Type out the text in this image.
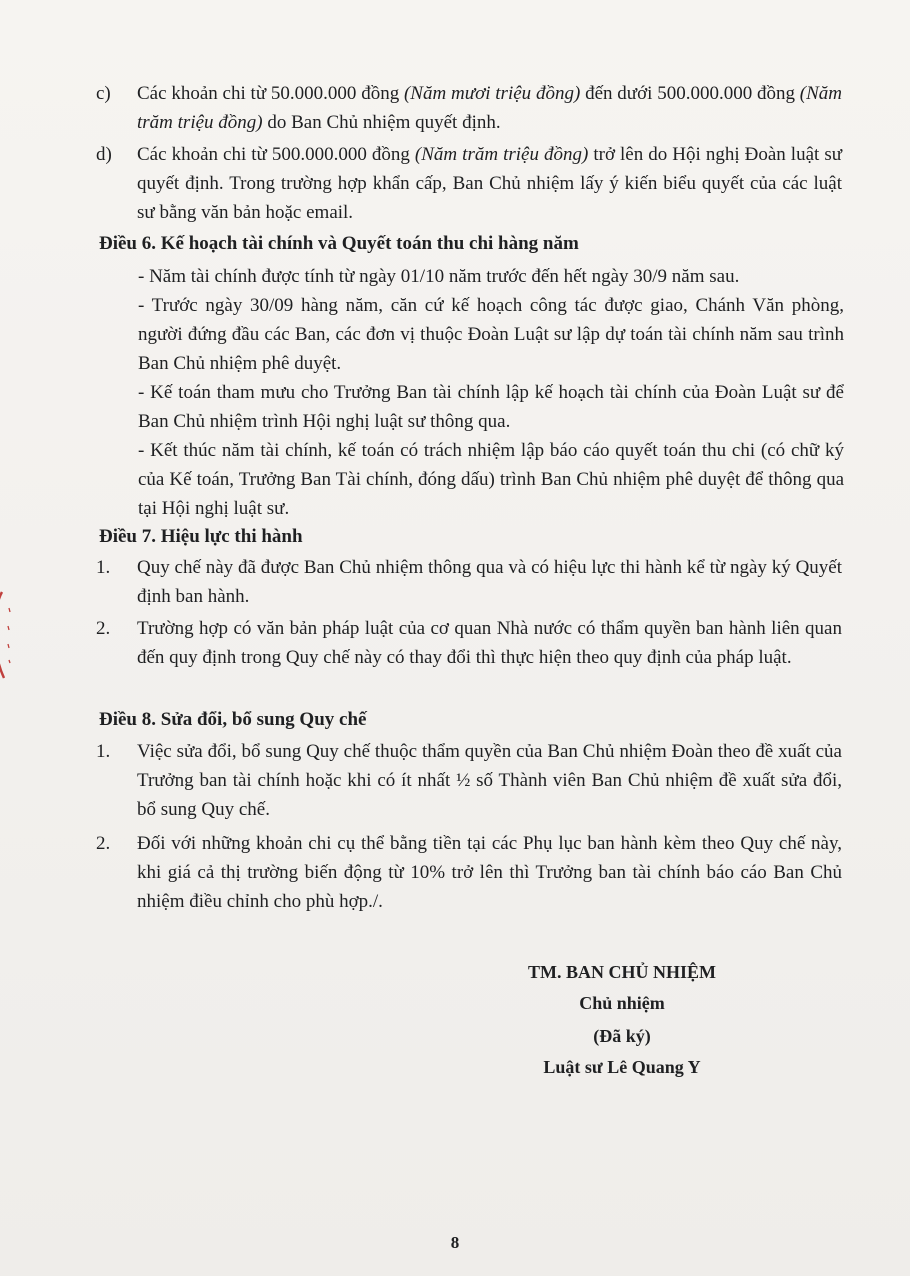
c) Các khoản chi từ 50.000.000 đồng (Năm mươi triệu đồng) đến dưới 500.000.000 đồng (Năm trăm triệu đồng) do Ban Chủ nhiệm quyết định.
d) Các khoản chi từ 500.000.000 đồng (Năm trăm triệu đồng) trở lên do Hội nghị Đoàn luật sư quyết định. Trong trường hợp khẩn cấp, Ban Chủ nhiệm lấy ý kiến biểu quyết của các luật sư bằng văn bản hoặc email.
Điều 6. Kế hoạch tài chính và Quyết toán thu chi hàng năm
- Năm tài chính được tính từ ngày 01/10 năm trước đến hết ngày 30/9 năm sau.
- Trước ngày 30/09 hàng năm, căn cứ kế hoạch công tác được giao, Chánh Văn phòng, người đứng đầu các Ban, các đơn vị thuộc Đoàn Luật sư lập dự toán tài chính năm sau trình Ban Chủ nhiệm phê duyệt.
- Kế toán tham mưu cho Trưởng Ban tài chính lập kế hoạch tài chính của Đoàn Luật sư để Ban Chủ nhiệm trình Hội nghị luật sư thông qua.
- Kết thúc năm tài chính, kế toán có trách nhiệm lập báo cáo quyết toán thu chi (có chữ ký của Kế toán, Trưởng Ban Tài chính, đóng dấu) trình Ban Chủ nhiệm phê duyệt để thông qua tại Hội nghị luật sư.
Điều 7. Hiệu lực thi hành
1. Quy chế này đã được Ban Chủ nhiệm thông qua và có hiệu lực thi hành kể từ ngày ký Quyết định ban hành.
2. Trường hợp có văn bản pháp luật của cơ quan Nhà nước có thẩm quyền ban hành liên quan đến quy định trong Quy chế này có thay đổi thì thực hiện theo quy định của pháp luật.
Điều 8. Sửa đổi, bổ sung Quy chế
1. Việc sửa đổi, bổ sung Quy chế thuộc thẩm quyền của Ban Chủ nhiệm Đoàn theo đề xuất của Trưởng ban tài chính hoặc khi có ít nhất ½ số Thành viên Ban Chủ nhiệm đề xuất sửa đổi, bổ sung Quy chế.
2. Đối với những khoản chi cụ thể bằng tiền tại các Phụ lục ban hành kèm theo Quy chế này, khi giá cả thị trường biến động từ 10% trở lên thì Trưởng ban tài chính báo cáo Ban Chủ nhiệm điều chỉnh cho phù hợp./.
TM. BAN CHỦ NHIỆM
Chủ nhiệm
(Đã ký)
Luật sư Lê Quang Y
8
